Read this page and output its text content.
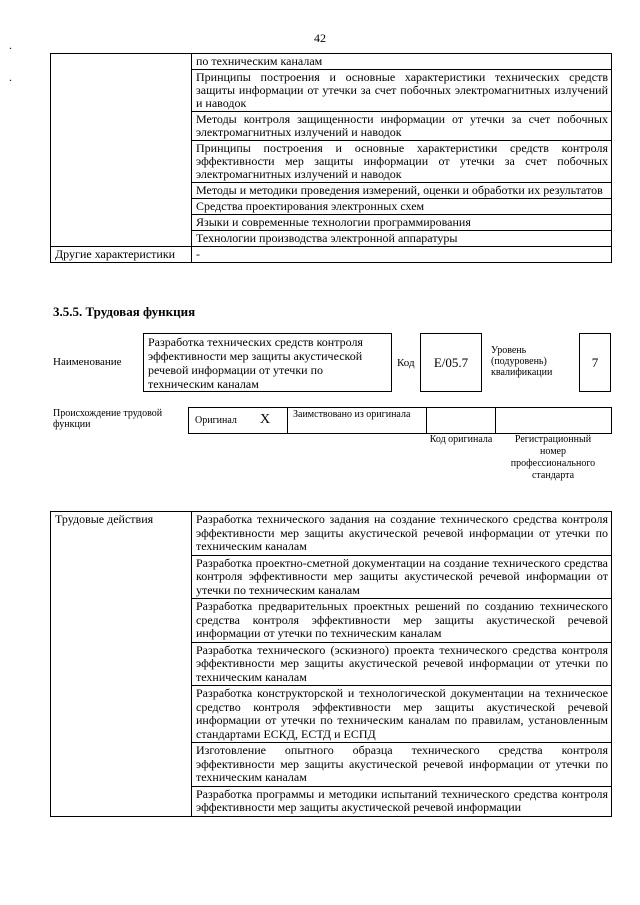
.
.
42
	по техническим каналам
	Принципы построения и основные характеристики технических средств защиты информации от утечки за счет побочных электромагнитных излучений и наводок
	Методы контроля защищенности информации от утечки за счет побочных электромагнитных излучений и наводок
	Принципы построения и основные характеристики средств контроля эффективности мер защиты информации от утечки за счет побочных электромагнитных излучений и наводок
	Методы и методики проведения измерений, оценки и обработки их результатов
	Средства проектирования электронных схем
	Языки и современные технологии программирования
	Технологии производства электронной аппаратуры
Другие характеристики	-
3.5.5. Трудовая функция
Наименование
Разработка технических средств контроля эффективности мер защиты акустической речевой информации от утечки по техническим каналам
Код	E/05.7
Уровень (подуровень) квалификации
7
Происхождение трудовой функции	Оригинал X	Заимствовано из оригинала
Код оригинала	Регистрационный номер профессионального стандарта
Трудовые действия	Разработка технического задания на создание технического средства контроля эффективности мер защиты акустической речевой информации от утечки по техническим каналам
Разработка проектно-сметной документации на создание технического средства контроля эффективности мер защиты акустической речевой информации от утечки по техническим каналам
Разработка предварительных проектных решений по созданию технического средства контроля эффективности мер защиты акустической речевой информации от утечки по техническим каналам
Разработка технического (эскизного) проекта технического средства контроля эффективности мер защиты акустической речевой информации от утечки по техническим каналам
Разработка конструкторской и технологической документации на техническое средство контроля эффективности мер защиты акустической речевой информации от утечки по техническим каналам по правилам, установленным стандартами ЕСКД, ЕСТД и ЕСПД
Изготовление опытного образца технического средства контроля эффективности мер защиты акустической речевой информации от утечки по техническим каналам
Разработка программы и методики испытаний технического средства контроля эффективности мер защиты акустической речевой информации
